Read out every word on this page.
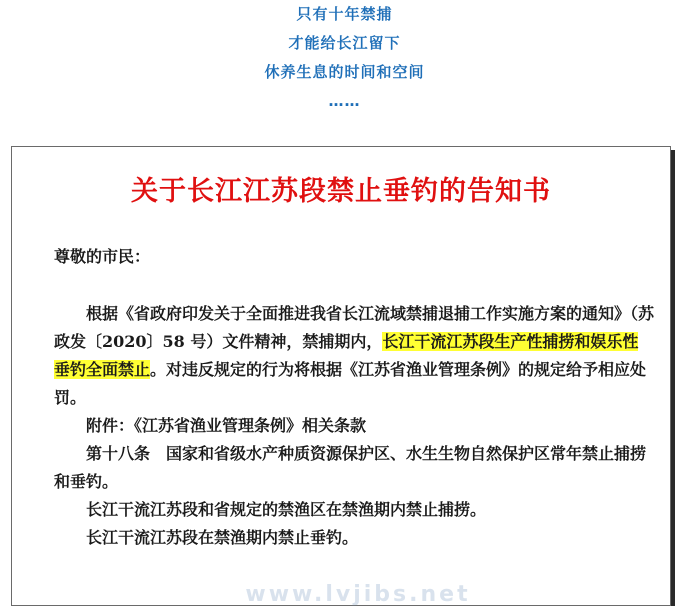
只有十年禁捕
才能给长江留下
休养生息的时间和空间
……
关于长江江苏段禁止垂钓的告知书

尊敬的市民：

根据《省政府印发关于全面推进我省长江流域禁捕退捕工作实施方案的通知》（苏政发〔2020〕58 号）文件精神，禁捕期内，长江干流江苏段生产性捕捞和娱乐性垂钓全面禁止。对违反规定的行为将根据《江苏省渔业管理条例》的规定给予相应处罚。

附件：《江苏省渔业管理条例》相关条款

第十八条　国家和省级水产种质资源保护区、水生生物自然保护区常年禁止捕捞和垂钓。

长江干流江苏段和省规定的禁渔区在禁渔期内禁止捕捞。

长江干流江苏段在禁渔期内禁止垂钓。

www.lvjibs.net
